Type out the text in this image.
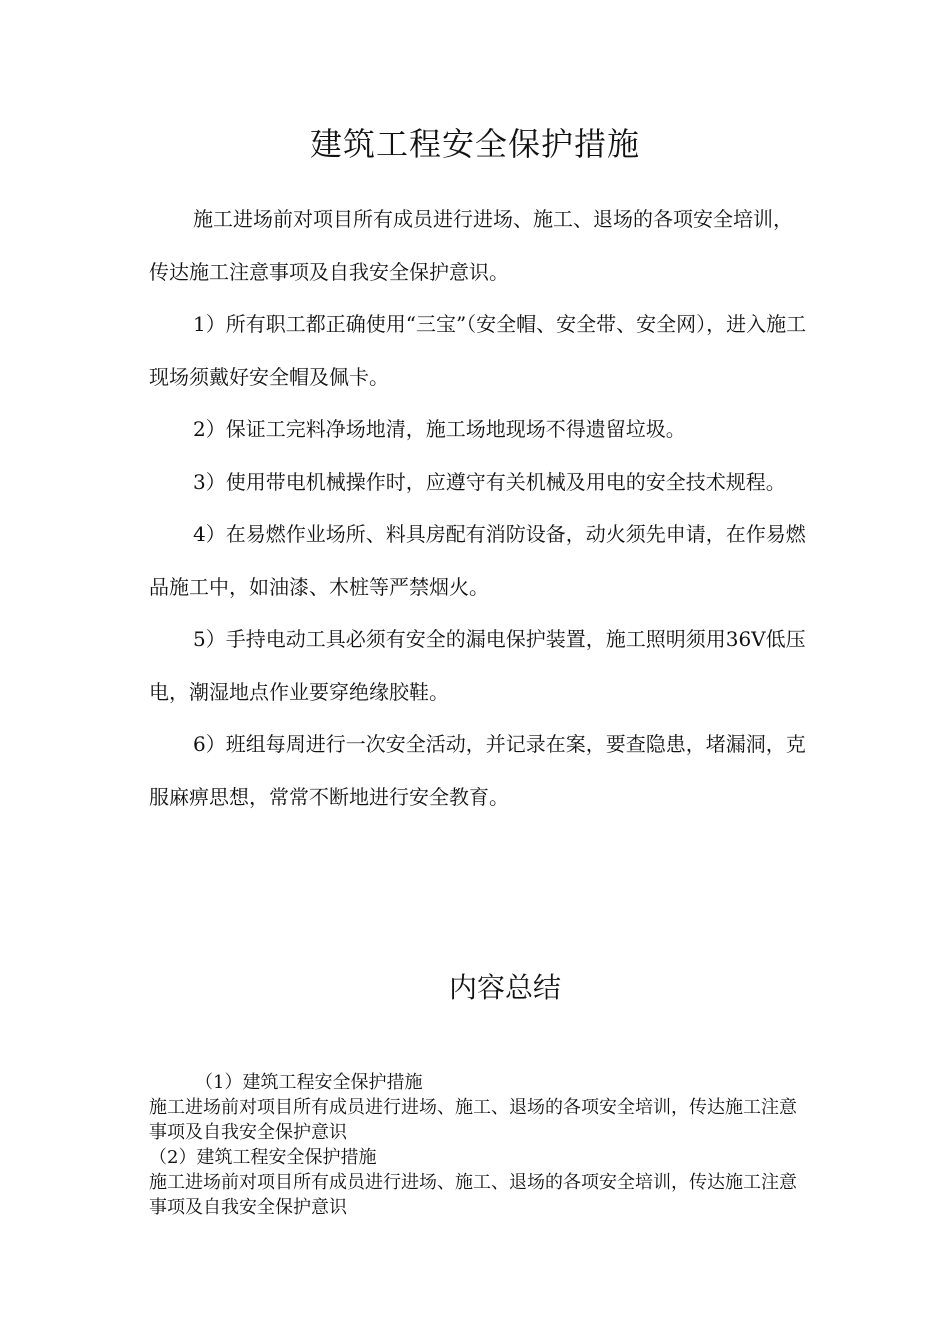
建筑工程安全保护措施

施工进场前对项目所有成员进行进场、施工、退场的各项安全培训，传达施工注意事项及自我安全保护意识。

1）所有职工都正确使用“三宝”（安全帽、安全带、安全网），进入施工现场须戴好安全帽及佩卡。

2）保证工完料净场地清，施工场地现场不得遗留垃圾。

3）使用带电机械操作时，应遵守有关机械及用电的安全技术规程。

4）在易燃作业场所、料具房配有消防设备，动火须先申请，在作易燃品施工中，如油漆、木桩等严禁烟火。

5）手持电动工具必须有安全的漏电保护装置，施工照明须用36V低压电，潮湿地点作业要穿绝缘胶鞋。

6）班组每周进行一次安全活动，并记录在案，要查隐患，堵漏洞，克服麻痹思想，常常不断地进行安全教育。

内容总结

（1）建筑工程安全保护措施

施工进场前对项目所有成员进行进场、施工、退场的各项安全培训，传达施工注意事项及自我安全保护意识

（2）建筑工程安全保护措施

施工进场前对项目所有成员进行进场、施工、退场的各项安全培训，传达施工注意事项及自我安全保护意识
